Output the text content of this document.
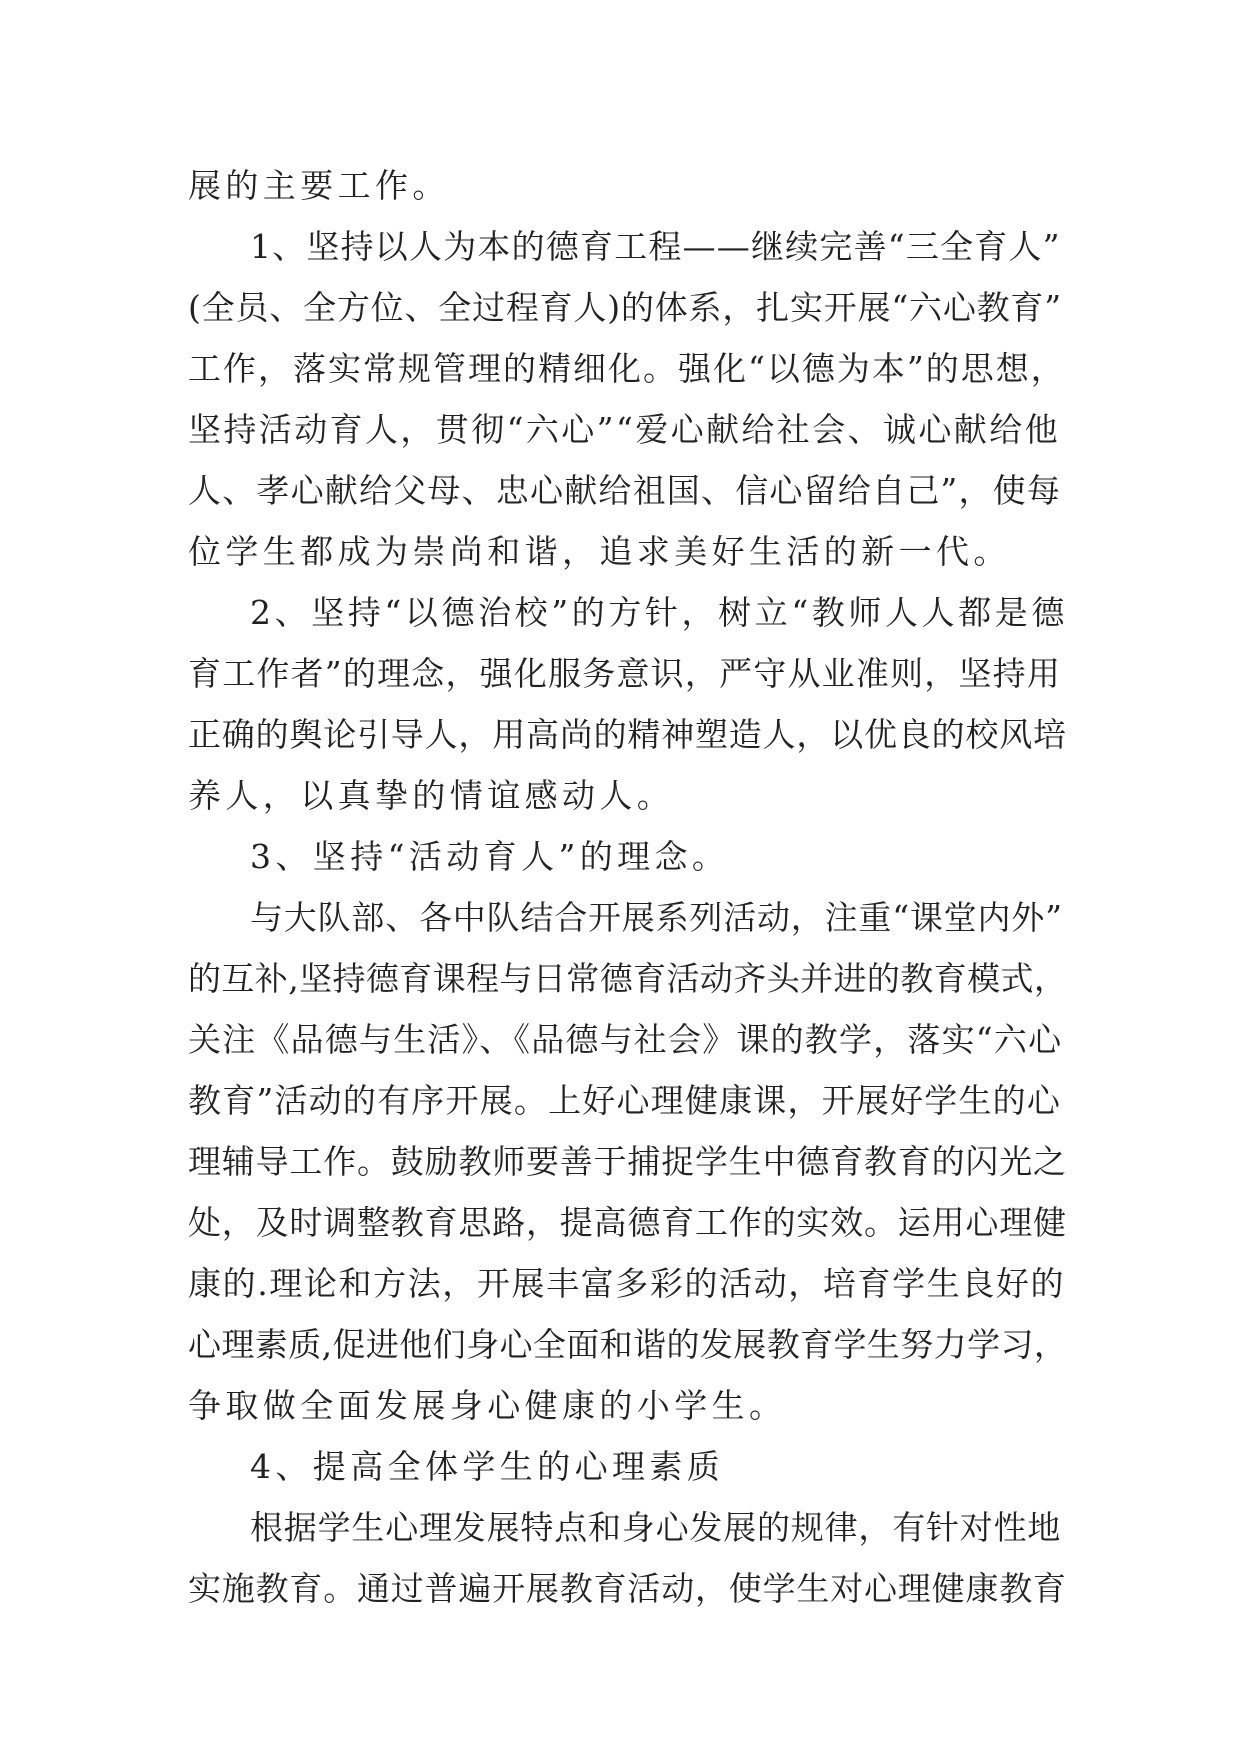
展的主要工作。
1、坚持以人为本的德育工程——继续完善“三全育人”
(全员、全方位、全过程育人)的体系，扎实开展“六心教育”
工作，落实常规管理的精细化。强化“以德为本”的思想，
坚持活动育人，贯彻“六心”“爱心献给社会、诚心献给他
人、孝心献给父母、忠心献给祖国、信心留给自己”，使每
位学生都成为崇尚和谐，追求美好生活的新一代。
2、坚持“以德治校”的方针，树立“教师人人都是德
育工作者”的理念，强化服务意识，严守从业准则，坚持用
正确的舆论引导人，用高尚的精神塑造人，以优良的校风培
养人，以真挚的情谊感动人。
3、坚持“活动育人”的理念。
与大队部、各中队结合开展系列活动，注重“课堂内外”
的互补,坚持德育课程与日常德育活动齐头并进的教育模式，
关注《品德与生活》、《品德与社会》课的教学，落实“六心
教育”活动的有序开展。上好心理健康课，开展好学生的心
理辅导工作。鼓励教师要善于捕捉学生中德育教育的闪光之
处，及时调整教育思路，提高德育工作的实效。运用心理健
康的.理论和方法，开展丰富多彩的活动，培育学生良好的
心理素质,促进他们身心全面和谐的发展教育学生努力学习，
争取做全面发展身心健康的小学生。
4、提高全体学生的心理素质
根据学生心理发展特点和身心发展的规律，有针对性地
实施教育。通过普遍开展教育活动，使学生对心理健康教育
